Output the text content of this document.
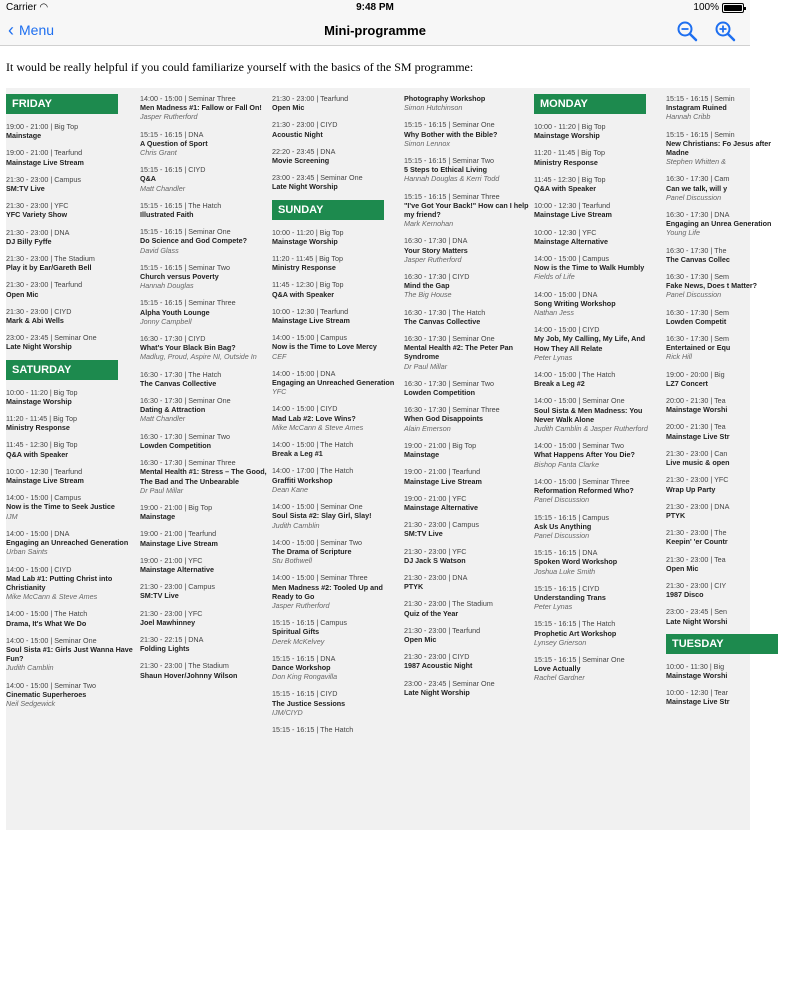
Carrier ◠	9:48 PM	100%
‹ Menu	Mini-programme
It would be really helpful if you could familiarize yourself with the basics of the SM programme:
FRIDAY
19:00 - 21:00 | Big Top
Mainstage
19:00 - 21:00 | Tearfund
Mainstage Live Stream
21:30 - 23:00 | Campus
SM:TV Live
21:30 - 23:00 | YFC
YFC Variety Show
21:30 - 23:00 | DNA
DJ Billy Fyffe
21:30 - 23:00 | The Stadium
Play it by Ear/Gareth Bell
21:30 - 23:00 | Tearfund
Open Mic
21:30 - 23:00 | CIYD
Mark & Abi Wells
23:00 - 23:45 | Seminar One
Late Night Worship
SATURDAY
10:00 - 11:20 | Big Top
Mainstage Worship
11:20 - 11:45 | Big Top
Ministry Response
11:45 - 12:30 | Big Top
Q&A with Speaker
10:00 - 12:30 | Tearfund
Mainstage Live Stream
14:00 - 15:00 | Campus
Now is the Time to Seek Justice
IJM
14:00 - 15:00 | DNA
Engaging an Unreached Generation
Urban Saints
14:00 - 15:00 | CIYD
Mad Lab #1: Putting Christ into Christianity
Mike McCann & Steve Ames
14:00 - 15:00 | The Hatch
Drama, It's What We Do
14:00 - 15:00 | Seminar One
Soul Sista #1: Girls Just Wanna Have Fun?
Judith Camblin
14:00 - 15:00 | Seminar Two
Cinematic Superheroes
Neil Sedgewick
14:00 - 15:00 | Seminar Three
Men Madness #1: Fallow or Fall On!
Jasper Rutherford
15:15 - 16:15 | DNA
A Question of Sport
Chris Grant
15:15 - 16:15 | CIYD
Q&A
Matt Chandler
15:15 - 16:15 | The Hatch
Illustrated Faith
15:15 - 16:15 | Seminar One
Do Science and God Compete?
David Glass
15:15 - 16:15 | Seminar Two
Church versus Poverty
Hannah Douglas
15:15 - 16:15 | Seminar Three
Alpha Youth Lounge
Jonny Campbell
16:30 - 17:30 | CIYD
What's Your Black Bin Bag?
Madlug, Proud, Aspire NI, Outside In
16:30 - 17:30 | The Hatch
The Canvas Collective
16:30 - 17:30 | Seminar One
Dating & Attraction
Matt Chandler
16:30 - 17:30 | Seminar Two
Lowden Competition
16:30 - 17:30 | Seminar Three
Mental Health #1: Stress – The Good, The Bad and The Unbearable
Dr Paul Millar
19:00 - 21:00 | Big Top
Mainstage
19:00 - 21:00 | Tearfund
Mainstage Live Stream
19:00 - 21:00 | YFC
Mainstage Alternative
21:30 - 23:00 | Campus
SM:TV Live
21:30 - 23:00 | YFC
Joel Mawhinney
21:30 - 22:15 | DNA
Folding Lights
21:30 - 23:00 | The Stadium
Shaun Hover/Johnny Wilson
21:30 - 23:00 | Tearfund
Open Mic
21:30 - 23:00 | CIYD
Acoustic Night
22:20 - 23:45 | DNA
Movie Screening
23:00 - 23:45 | Seminar One
Late Night Worship
SUNDAY
10:00 - 11:20 | Big Top
Mainstage Worship
11:20 - 11:45 | Big Top
Ministry Response
11:45 - 12:30 | Big Top
Q&A with Speaker
10:00 - 12:30 | Tearfund
Mainstage Live Stream
14:00 - 15:00 | Campus
Now is the Time to Love Mercy
CEF
14:00 - 15:00 | DNA
Engaging an Unreached Generation
YFC
14:00 - 15:00 | CIYD
Mad Lab #2: Love Wins?
Mike McCann & Steve Ames
14:00 - 15:00 | The Hatch
Break a Leg #1
14:00 - 17:00 | The Hatch
Graffiti Workshop
Dean Kane
14:00 - 15:00 | Seminar One
Soul Sista #2: Slay Girl, Slay!
Judith Camblin
14:00 - 15:00 | Seminar Two
The Drama of Scripture
Stu Bothwell
14:00 - 15:00 | Seminar Three
Men Madness #2: Tooled Up and Ready to Go
Jasper Rutherford
15:15 - 16:15 | Campus
Spiritual Gifts
Derek McKelvey
15:15 - 16:15 | DNA
Dance Workshop
Don King Rongavilla
15:15 - 16:15 | CIYD
The Justice Sessions
IJM/CIYD
15:15 - 16:15 | The Hatch
Photography Workshop
Simon Hutchinson
15:15 - 16:15 | Seminar One
Why Bother with the Bible?
Simon Lennox
15:15 - 16:15 | Seminar Two
5 Steps to Ethical Living
Hannah Douglas & Kerri Todd
15:15 - 16:15 | Seminar Three
"I've Got Your Back!" How can I help my friend?
Mark Kernohan
16:30 - 17:30 | DNA
Your Story Matters
Jasper Rutherford
16:30 - 17:30 | CIYD
Mind the Gap
The Big House
16:30 - 17:30 | The Hatch
The Canvas Collective
16:30 - 17:30 | Seminar One
Mental Health #2: The Peter Pan Syndrome
Dr Paul Millar
16:30 - 17:30 | Seminar Two
Lowden Competition
16:30 - 17:30 | Seminar Three
When God Disappoints
Alain Emerson
19:00 - 21:00 | Big Top
Mainstage
19:00 - 21:00 | Tearfund
Mainstage Live Stream
19:00 - 21:00 | YFC
Mainstage Alternative
21:30 - 23:00 | Campus
SM:TV Live
21:30 - 23:00 | YFC
DJ Jack S Watson
21:30 - 23:00 | DNA
PTYK
21:30 - 23:00 | The Stadium
Quiz of the Year
21:30 - 23:00 | Tearfund
Open Mic
21:30 - 23:00 | CIYD
1987 Acoustic Night
23:00 - 23:45 | Seminar One
Late Night Worship
MONDAY
10:00 - 11:20 | Big Top
Mainstage Worship
11:20 - 11:45 | Big Top
Ministry Response
11:45 - 12:30 | Big Top
Q&A with Speaker
10:00 - 12:30 | Tearfund
Mainstage Live Stream
10:00 - 12:30 | YFC
Mainstage Alternative
14:00 - 15:00 | Campus
Now is the Time to Walk Humbly
Fields of Life
14:00 - 15:00 | DNA
Song Writing Workshop
Nathan Jess
14:00 - 15:00 | CIYD
My Job, My Calling, My Life, And How They All Relate
Peter Lynas
14:00 - 15:00 | The Hatch
Break a Leg #2
14:00 - 15:00 | Seminar One
Soul Sista & Men Madness: You Never Walk Alone
Judith Camblin & Jasper Rutherford
14:00 - 15:00 | Seminar Two
What Happens After You Die?
Bishop Fanta Clarke
14:00 - 15:00 | Seminar Three
Reformation Reformed Who?
Panel Discussion
15:15 - 16:15 | Campus
Ask Us Anything
Panel Discussion
15:15 - 16:15 | DNA
Spoken Word Workshop
Joshua Luke Smith
15:15 - 16:15 | CIYD
Understanding Trans
Peter Lynas
15:15 - 16:15 | The Hatch
Prophetic Art Workshop
Lynsey Grierson
15:15 - 16:15 | Seminar One
Love Actually
Rachel Gardner
15:15 - 16:15 | Semin
Instagram Ruined
Hannah Cribb
15:15 - 16:15 | Semin
New Christians: Fo Jesus after Madne
Stephen Whitten &
16:30 - 17:30 | Cam
Can we talk, will y
Panel Discussion
16:30 - 17:30 | DNA
Engaging an Unrea Generation
Young Life
16:30 - 17:30 | The
The Canvas Collec
16:30 - 17:30 | Sem
Fake News, Does t Matter?
Panel Discussion
16:30 - 17:30 | Sem
Lowden Competit
16:30 - 17:30 | Sem
Entertained or Equ
Rick Hill
19:00 - 20:00 | Big
LZ7 Concert
20:00 - 21:30 | Tea
Mainstage Worshi
20:00 - 21:30 | Tea
Mainstage Live Str
21:30 - 23:00 | Can
Live music & open
21:30 - 23:00 | YFC
Wrap Up Party
21:30 - 23:00 | DNA
PTYK
21:30 - 23:00 | The
Keepin' 'er Countr
21:30 - 23:00 | Tea
Open Mic
21:30 - 23:00 | CIY
1987 Disco
23:00 - 23:45 | Sen
Late Night Worshi
TUESDAY
10:00 - 11:30 | Big
Mainstage Worshi
10:00 - 12:30 | Tear
Mainstage Live Str
